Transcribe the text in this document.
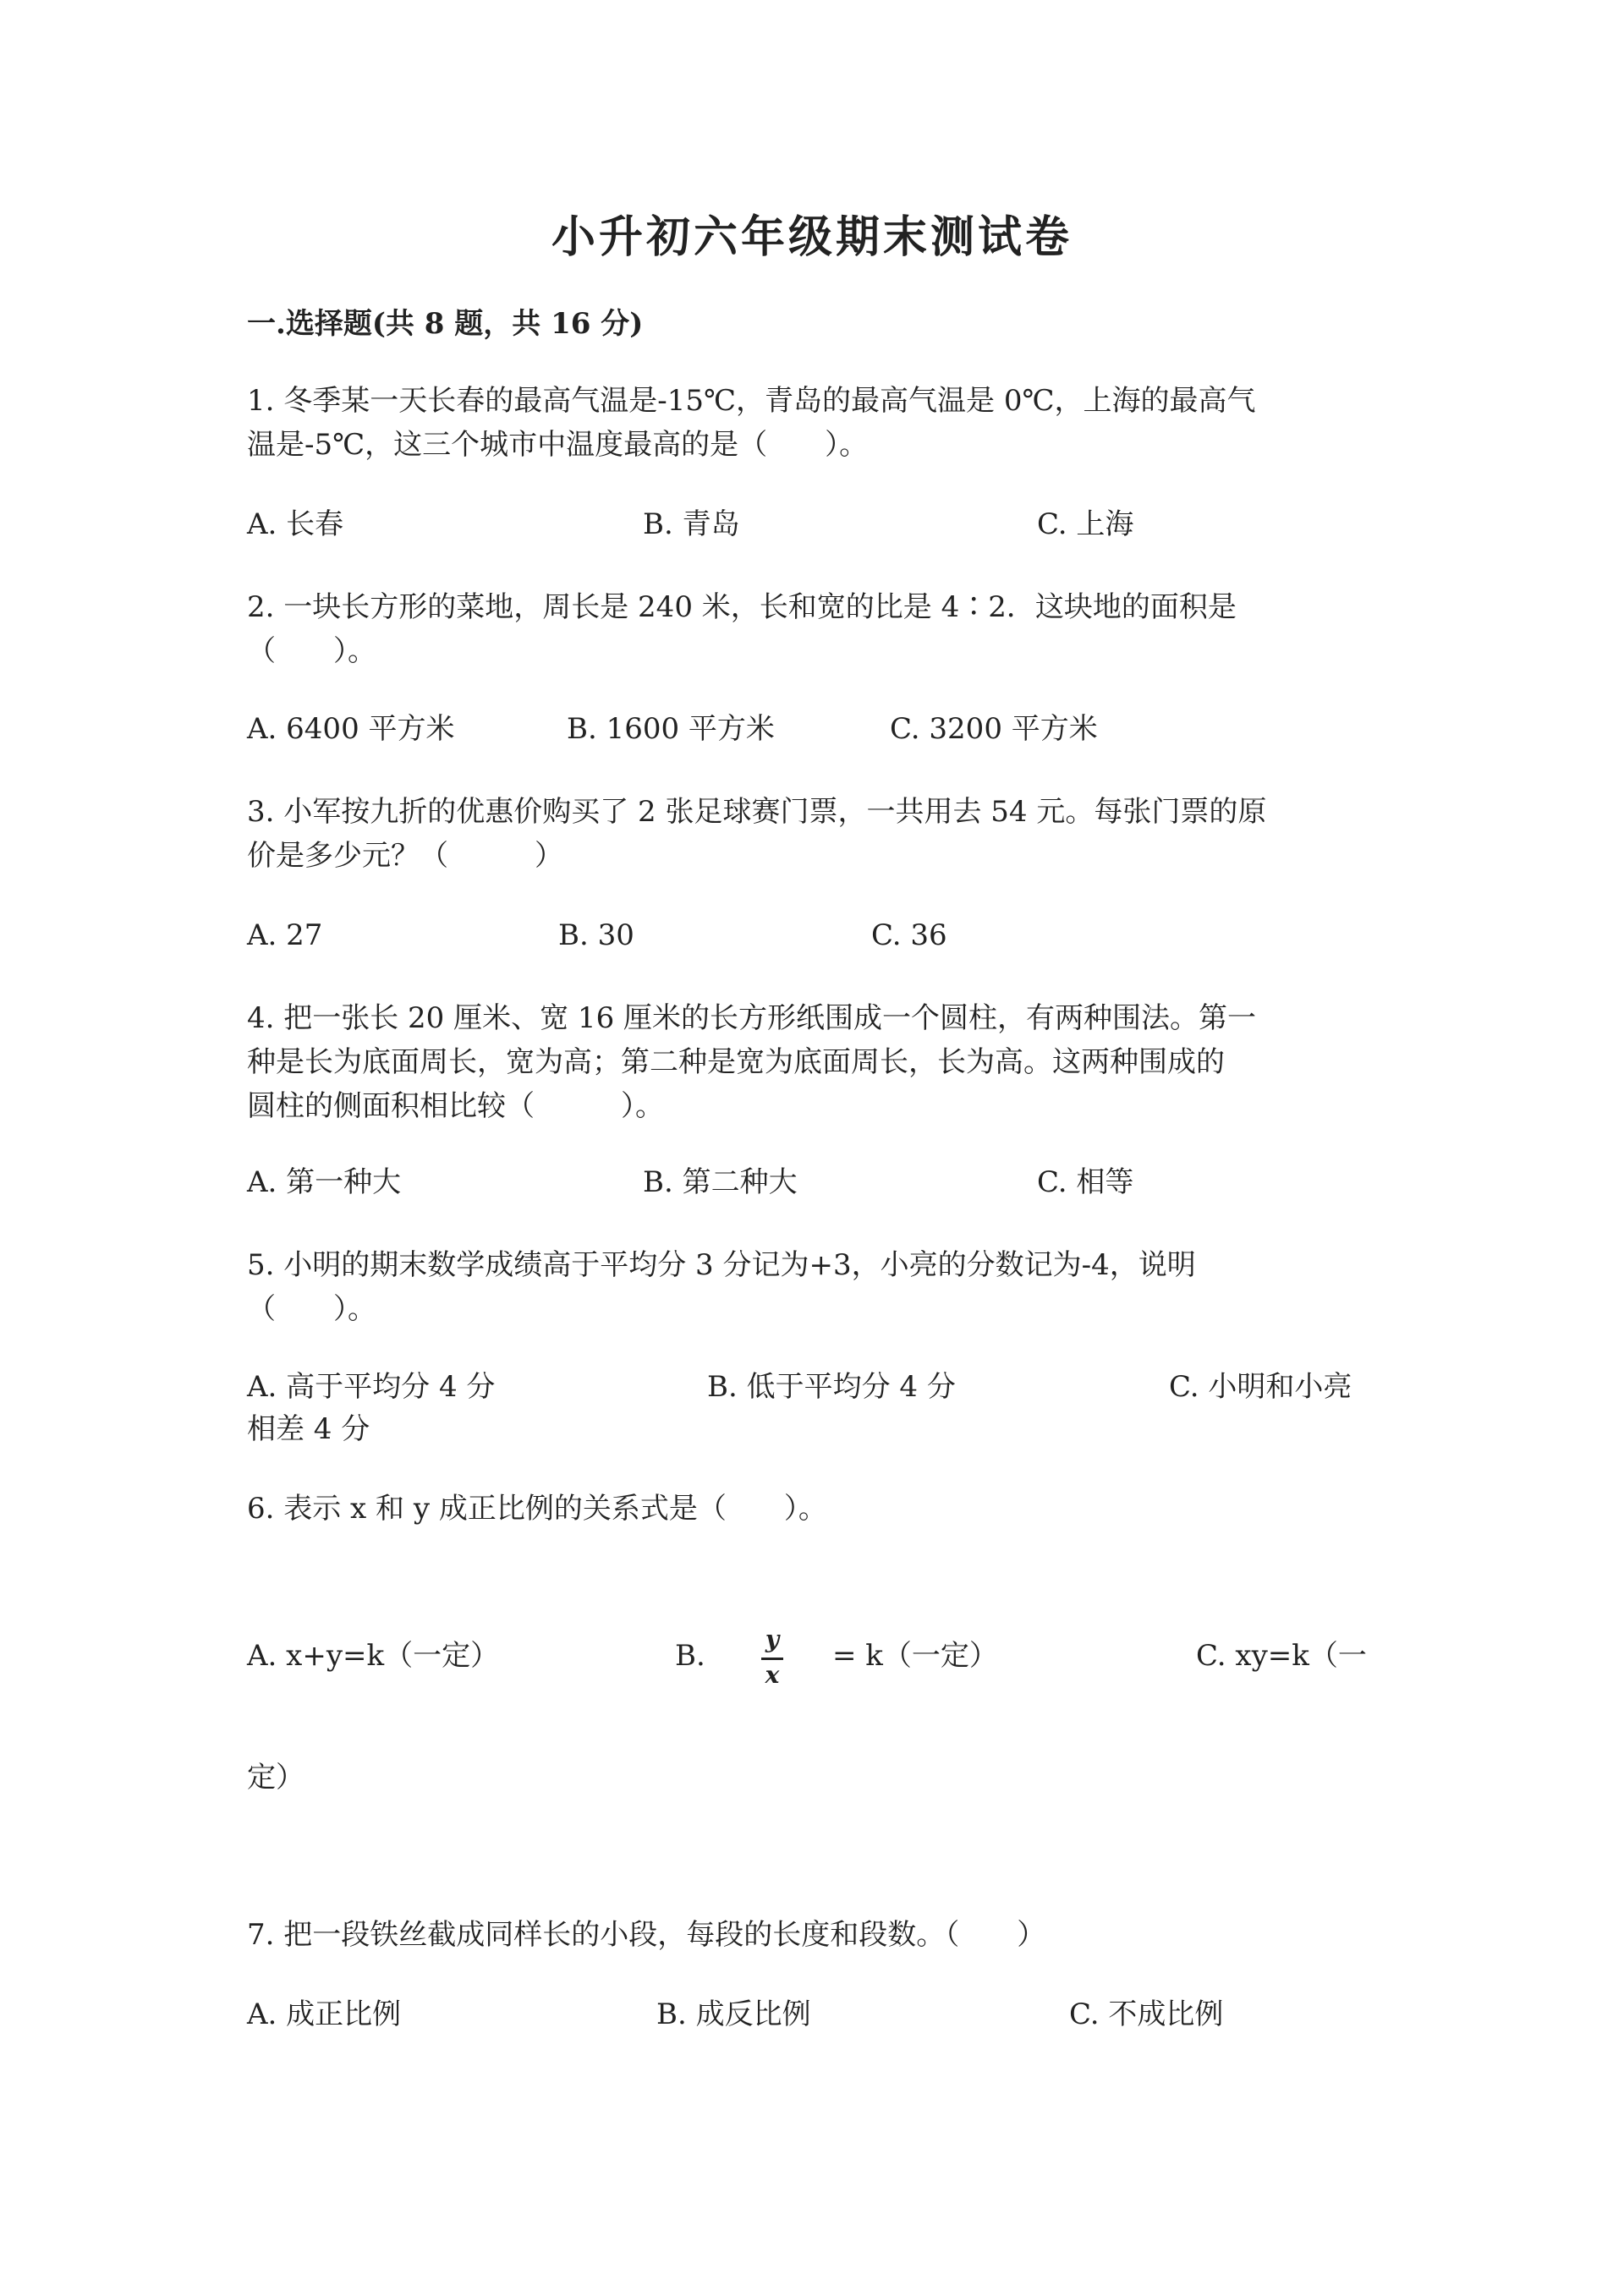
小升初六年级期末测试卷
一.选择题(共 8 题，共 16 分)
1. 冬季某一天长春的最高气温是-15℃，青岛的最高气温是 0℃，上海的最高气
温是-5℃，这三个城市中温度最高的是（　　）。
A. 长春	B. 青岛	C. 上海
2. 一块长方形的菜地，周长是 240 米，长和宽的比是 4∶2．这块地的面积是
（　　）。
A. 6400 平方米	B. 1600 平方米	C. 3200 平方米
3. 小军按九折的优惠价购买了 2 张足球赛门票，一共用去 54 元。每张门票的原
价是多少元？（　　　）
A. 27	B. 30	C. 36
4. 把一张长 20 厘米、宽 16 厘米的长方形纸围成一个圆柱，有两种围法。第一
种是长为底面周长，宽为高；第二种是宽为底面周长，长为高。这两种围成的
圆柱的侧面积相比较（　　　）。
A. 第一种大	B. 第二种大	C. 相等
5. 小明的期末数学成绩高于平均分 3 分记为+3，小亮的分数记为-4，说明
（　　）。
A. 高于平均分 4 分	B. 低于平均分 4 分	C. 小明和小亮
相差 4 分
6. 表示 x 和 y 成正比例的关系式是（　　）。
A. x+y=k（一定）	B.	y
x
= k（一定）	C. xy=k（一
定）
7. 把一段铁丝截成同样长的小段，每段的长度和段数。（　　）
A. 成正比例	B. 成反比例	C. 不成比例
